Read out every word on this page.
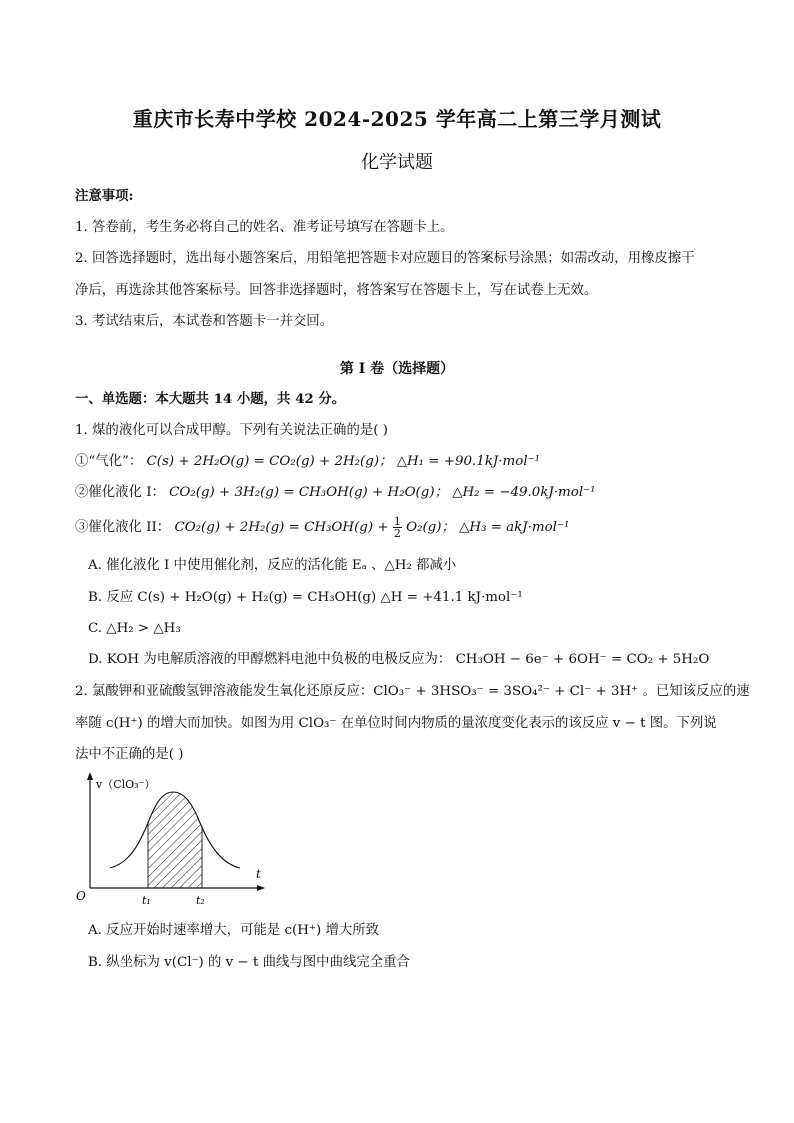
重庆市长寿中学校 2024-2025 学年高二上第三学月测试
化学试题
注意事项:
1. 答卷前，考生务必将自己的姓名、准考证号填写在答题卡上。
2. 回答选择题时，选出每小题答案后，用铅笔把答题卡对应题目的答案标号涂黑；如需改动，用橡皮擦干
净后，再选涂其他答案标号。回答非选择题时，将答案写在答题卡上，写在试卷上无效。
3. 考试结束后，本试卷和答题卡一并交回。
第 I 卷（选择题）
一、单选题：本大题共 14 小题，共 42 分。
1. 煤的液化可以合成甲醇。下列有关说法正确的是( )
①“气化”： C(s) + 2H₂O(g) = CO₂(g) + 2H₂(g)； △H₁ = +90.1kJ·mol⁻¹
②催化液化 I： CO₂(g) + 3H₂(g) = CH₃OH(g) + H₂O(g)； △H₂ = −49.0kJ·mol⁻¹
③催化液化 II： $CO_2(g) + 2H_2(g) = CH_3OH(g) + \frac{1}{2} O_2(g)$； △H₃ = akJ·mol⁻¹
A. 催化液化 I 中使用催化剂，反应的活化能 Eₐ 、△H₂ 都减小
B. 反应 C(s) + H₂O(g) + H₂(g) = CH₃OH(g) △H = +41.1 kJ·mol⁻¹
C. △H₂ > △H₃
D. KOH 为电解质溶液的甲醇燃料电池中负极的电极反应为： CH₃OH − 6e⁻ + 6OH⁻ = CO₂ + 5H₂O
2. 氯酸钾和亚硫酸氢钾溶液能发生氧化还原反应：ClO₃⁻ + 3HSO₃⁻ = 3SO₄²⁻ + Cl⁻ + 3H⁺ 。已知该反应的速
率随 c(H⁺) 的增大而加快。如图为用 ClO₃⁻ 在单位时间内物质的量浓度变化表示的该反应 v − t 图。下列说
法中不正确的是( )
v（ClO₃⁻）
O
t
t₁	t₂
A. 反应开始时速率增大，可能是 c(H⁺) 增大所致
B. 纵坐标为 v(Cl⁻) 的 v − t 曲线与图中曲线完全重合
